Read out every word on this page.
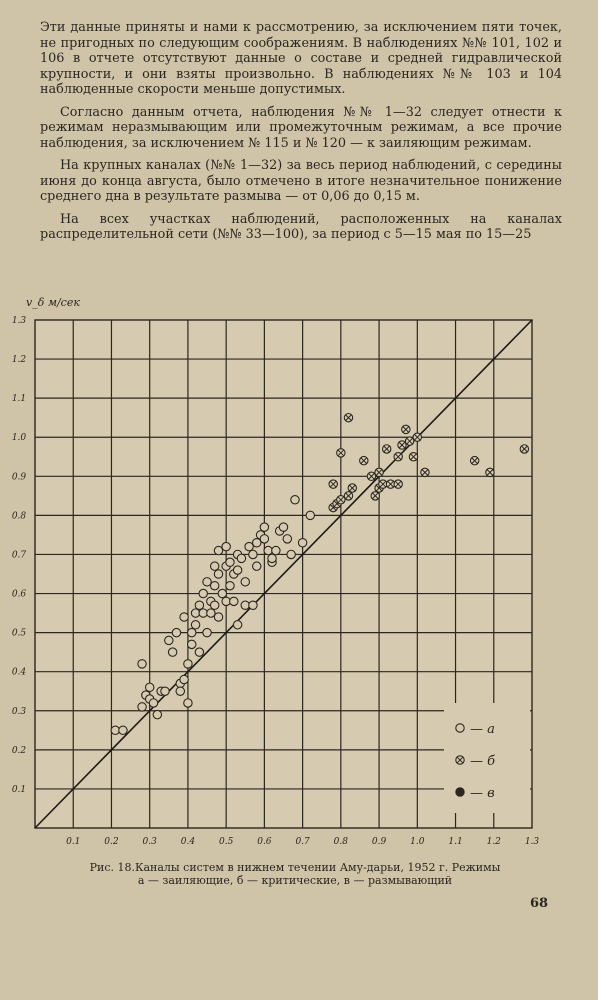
Эти данные приняты и нами к рассмотрению, за исключением пяти точек, не пригодных по следующим соображениям. В наблюдениях №№ 101, 102 и 106 в отчете отсутствуют данные о составе и средней гидравлической крупности, и они взяты произвольно. В наблюдениях №№ 103 и 104 наблюденные скорости меньше допустимых.

Согласно данным отчета, наблюдения №№ 1—32 следует отнести к режимам неразмывающим или промежуточным режимам, а все прочие наблюдения, за исключением № 115 и № 120 — к заиляющим режимам.

На крупных каналах (№№ 1—32) за весь период наблюдений, с середины июня до конца августа, было отмечено в итоге незначительное понижение среднего дна в результате размыва — от 0,06 до 0,15 м.

На всех участках наблюдений, расположенных на каналах распределительной сети (№№ 33—100), за период с 5—15 мая по 15—25

0.1	0.2	0.3	0.4	0.5	0.6	0.7	0.8	0.9	1.0	1.1	1.2	1.3
0.1
0.2
0.3
0.4
0.5
0.6
0.7
0.8
0.9
1.0
1.1
1.2
1.3
v_δ м/сек
— а
— б
— в
Рис. 18.Каналы систем в нижнем течении Аму-дарьи, 1952 г. Режимы
а — заиляющие, б — критические, в — размывающий
68
